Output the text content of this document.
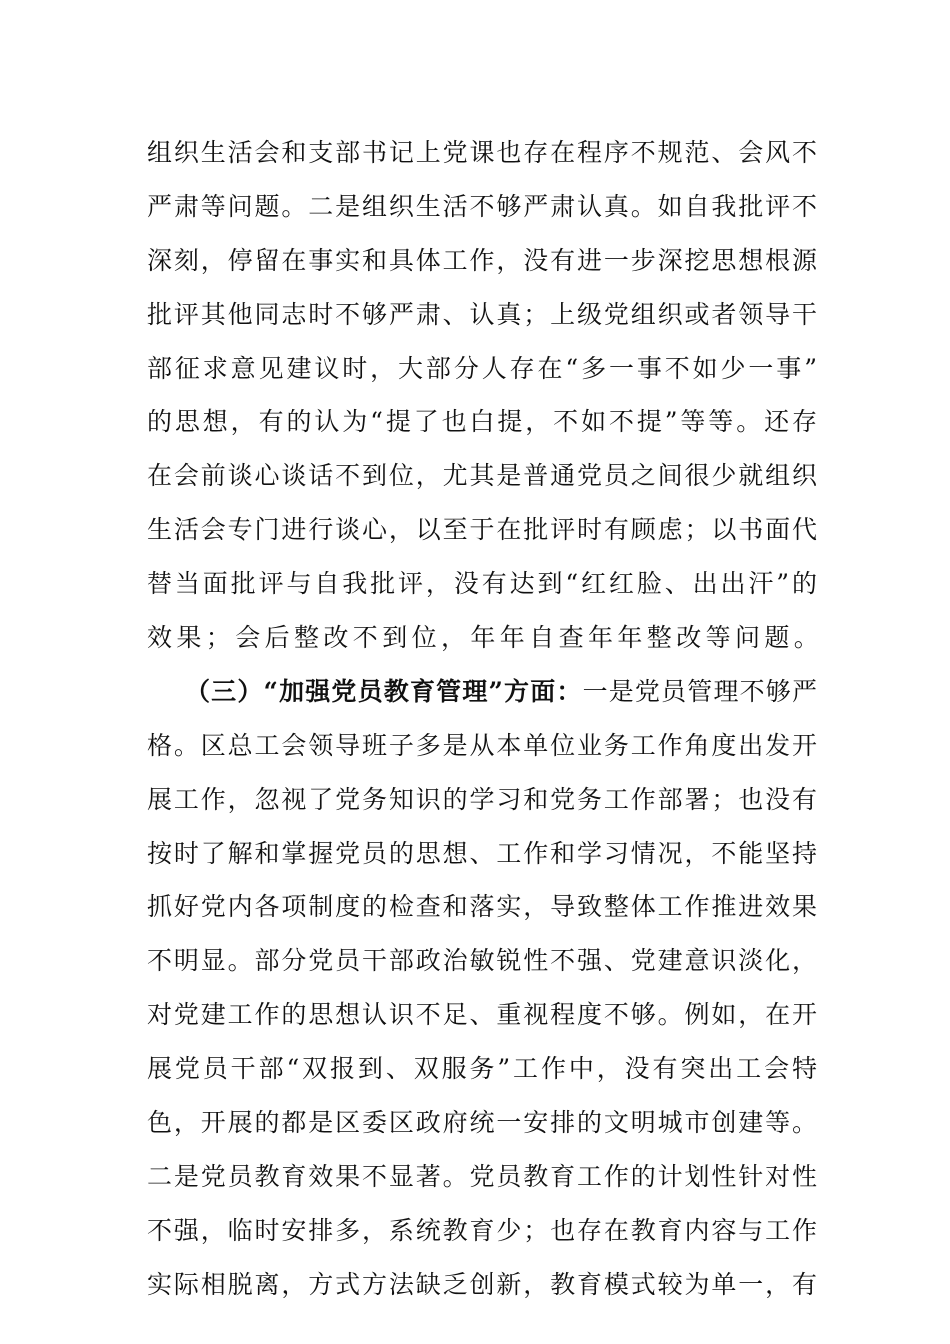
组织生活会和支部书记上党课也存在程序不规范、会风不
严肃等问题。二是组织生活不够严肃认真。如自我批评不
深刻，停留在事实和具体工作，没有进一步深挖思想根源
批评其他同志时不够严肃、认真；上级党组织或者领导干
部征求意见建议时，大部分人存在“多一事不如少一事”
的思想，有的认为“提了也白提，不如不提”等等。还存
在会前谈心谈话不到位，尤其是普通党员之间很少就组织
生活会专门进行谈心，以至于在批评时有顾虑；以书面代
替当面批评与自我批评，没有达到“红红脸、出出汗”的
效果；会后整改不到位，年年自查年年整改等问题。
（三）“加强党员教育管理”方面：一是党员管理不够严
格。区总工会领导班子多是从本单位业务工作角度出发开
展工作，忽视了党务知识的学习和党务工作部署；也没有
按时了解和掌握党员的思想、工作和学习情况，不能坚持
抓好党内各项制度的检查和落实，导致整体工作推进效果
不明显。部分党员干部政治敏锐性不强、党建意识淡化，
对党建工作的思想认识不足、重视程度不够。例如，在开
展党员干部“双报到、双服务”工作中，没有突出工会特
色，开展的都是区委区政府统一安排的文明城市创建等。
二是党员教育效果不显著。党员教育工作的计划性针对性
不强，临时安排多，系统教育少；也存在教育内容与工作
实际相脱离，方式方法缺乏创新，教育模式较为单一，有
